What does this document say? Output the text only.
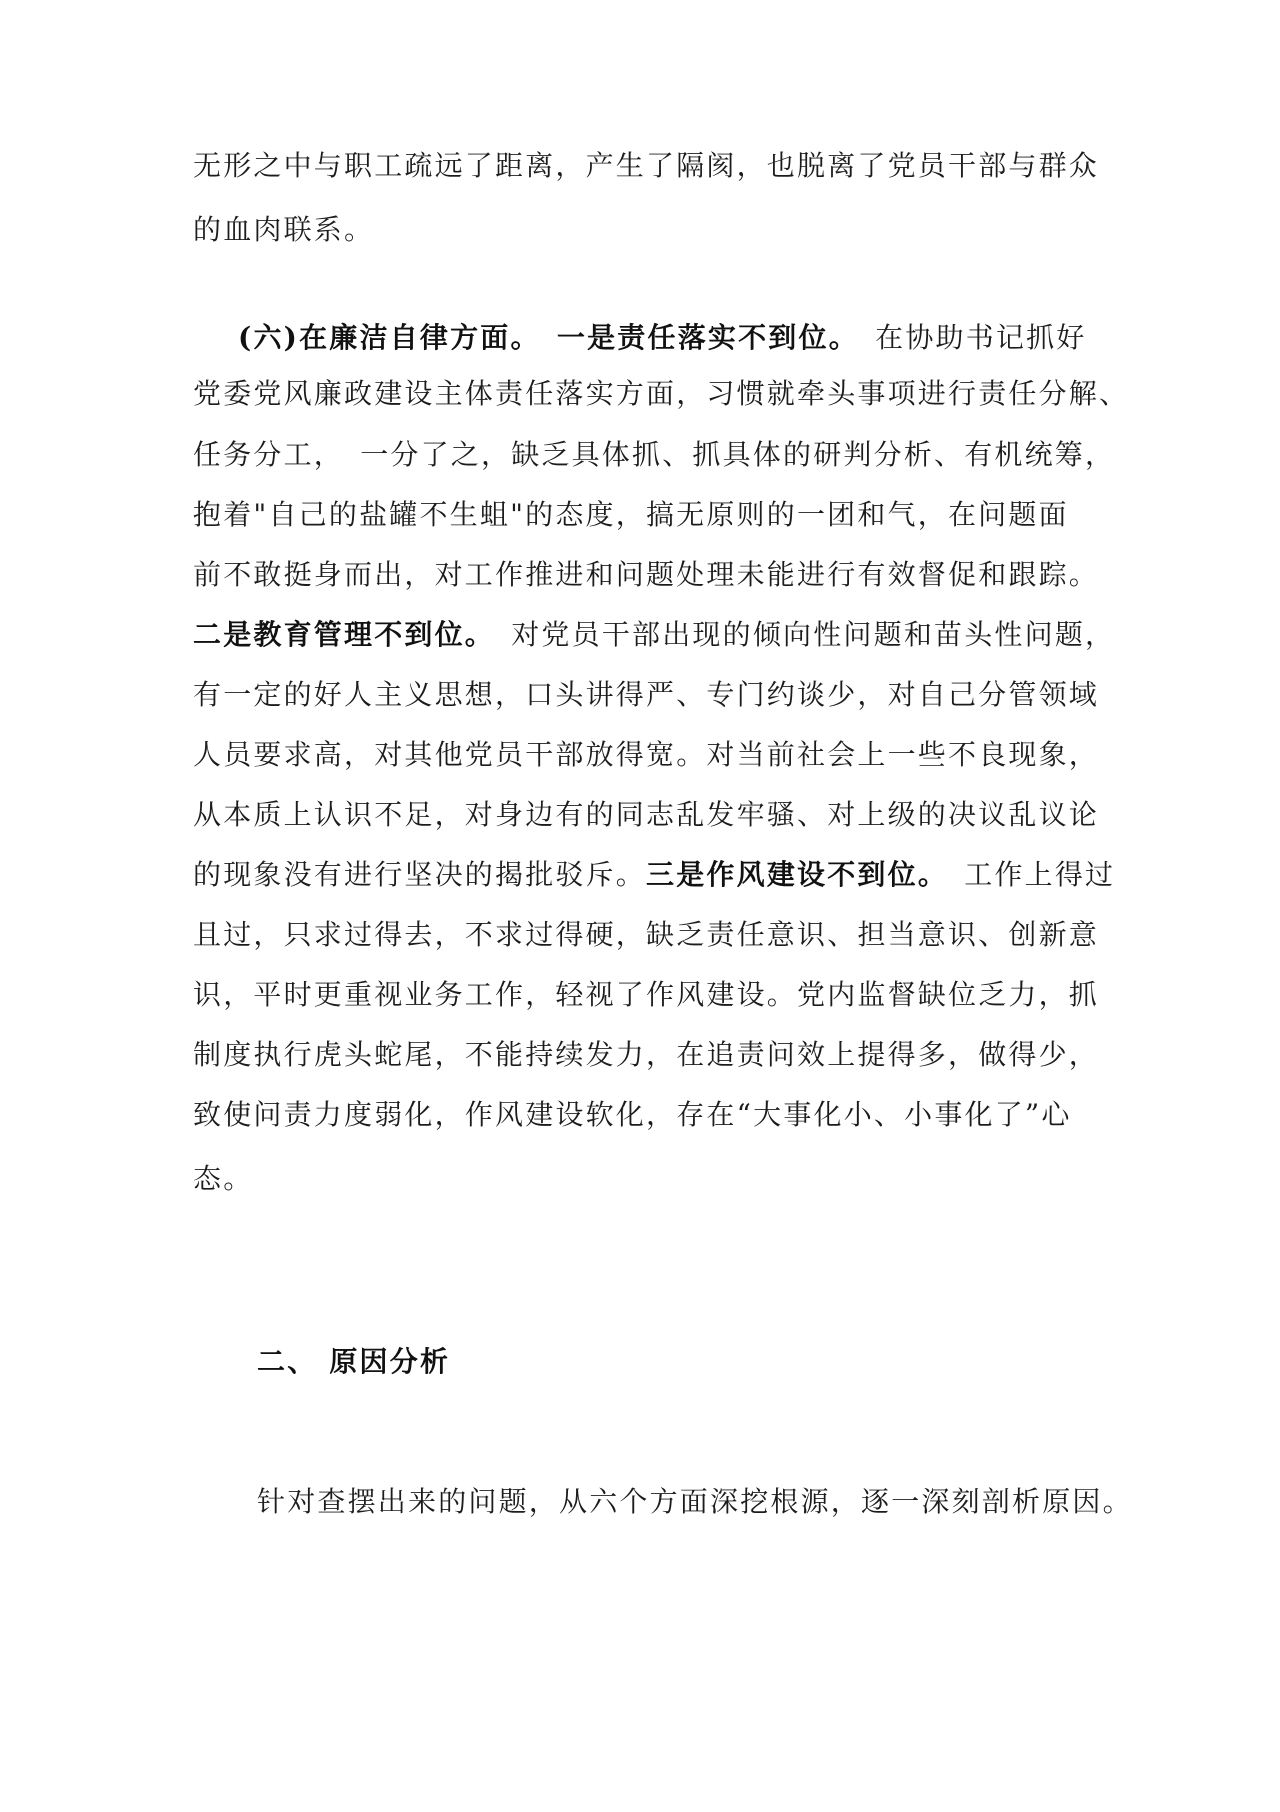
无形之中与职工疏远了距离，产生了隔阂，也脱离了党员干部与群众
的血肉联系。
(六)在廉洁自律方面。　 一是责任落实不到位。　在协助书记抓好
党委党风廉政建设主体责任落实方面，习惯就牵头事项进行责任分解、
任务分工，　一分了之，缺乏具体抓、抓具体的研判分析、有机统筹，
抱着"自己的盐罐不生蛆"的态度，搞无原则的一团和气，在问题面
前不敢挺身而出，对工作推进和问题处理未能进行有效督促和跟踪。
二是教育管理不到位。　对党员干部出现的倾向性问题和苗头性问题，
有一定的好人主义思想，口头讲得严、专门约谈少，对自己分管领域
人员要求高，对其他党员干部放得宽。对当前社会上一些不良现象，
从本质上认识不足，对身边有的同志乱发牢骚、对上级的决议乱议论
的现象没有进行坚决的揭批驳斥。三是作风建设不到位。　工作上得过
且过，只求过得去，不求过得硬，缺乏责任意识、担当意识、创新意
识，平时更重视业务工作，轻视了作风建设。党内监督缺位乏力，抓
制度执行虎头蛇尾，不能持续发力，在追责问效上提得多，做得少，
致使问责力度弱化，作风建设软化，存在“大事化小、小事化了”心
态。
二、 原因分析
针对查摆出来的问题，从六个方面深挖根源，逐一深刻剖析原因。
